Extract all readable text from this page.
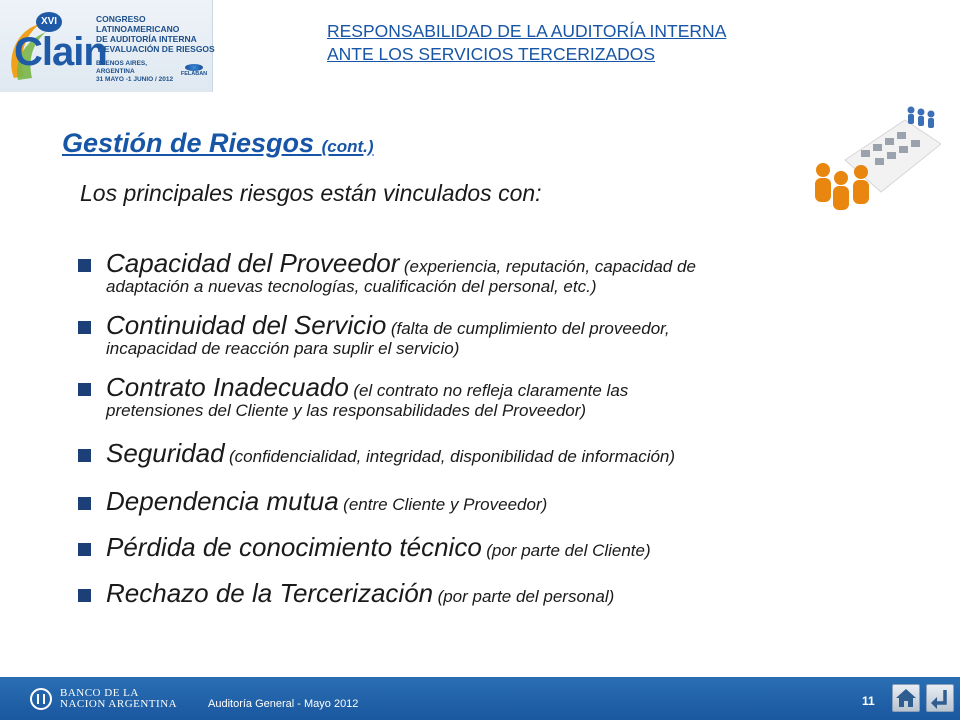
XVI
Clain
CONGRESO
LATINOAMERICANO
DE AUDITORÍA INTERNA
Y EVALUACIÓN DE RIESGOS
BUENOS AIRES, ARGENTINA
31 MAYO -1 JUNIO / 2012
FELABAN
RESPONSABILIDAD DE LA AUDITORÍA INTERNA
ANTE LOS SERVICIOS TERCERIZADOS
Gestión de Riesgos (cont.)
Los principales riesgos están vinculados con:
Capacidad del Proveedor (experiencia, reputación, capacidad de
adaptación a nuevas tecnologías, cualificación del personal, etc.)
Continuidad del Servicio (falta de cumplimiento del proveedor,
incapacidad de reacción para suplir el servicio)
Contrato Inadecuado (el contrato no refleja claramente las
pretensiones del Cliente y las responsabilidades del Proveedor)
Seguridad (confidencialidad, integridad, disponibilidad de información)
Dependencia mutua (entre Cliente y Proveedor)
Pérdida de conocimiento técnico (por parte del Cliente)
Rechazo de la Tercerización (por parte del personal)
BANCO DE LA
NACION ARGENTINA	Auditoría General - Mayo 2012	11
